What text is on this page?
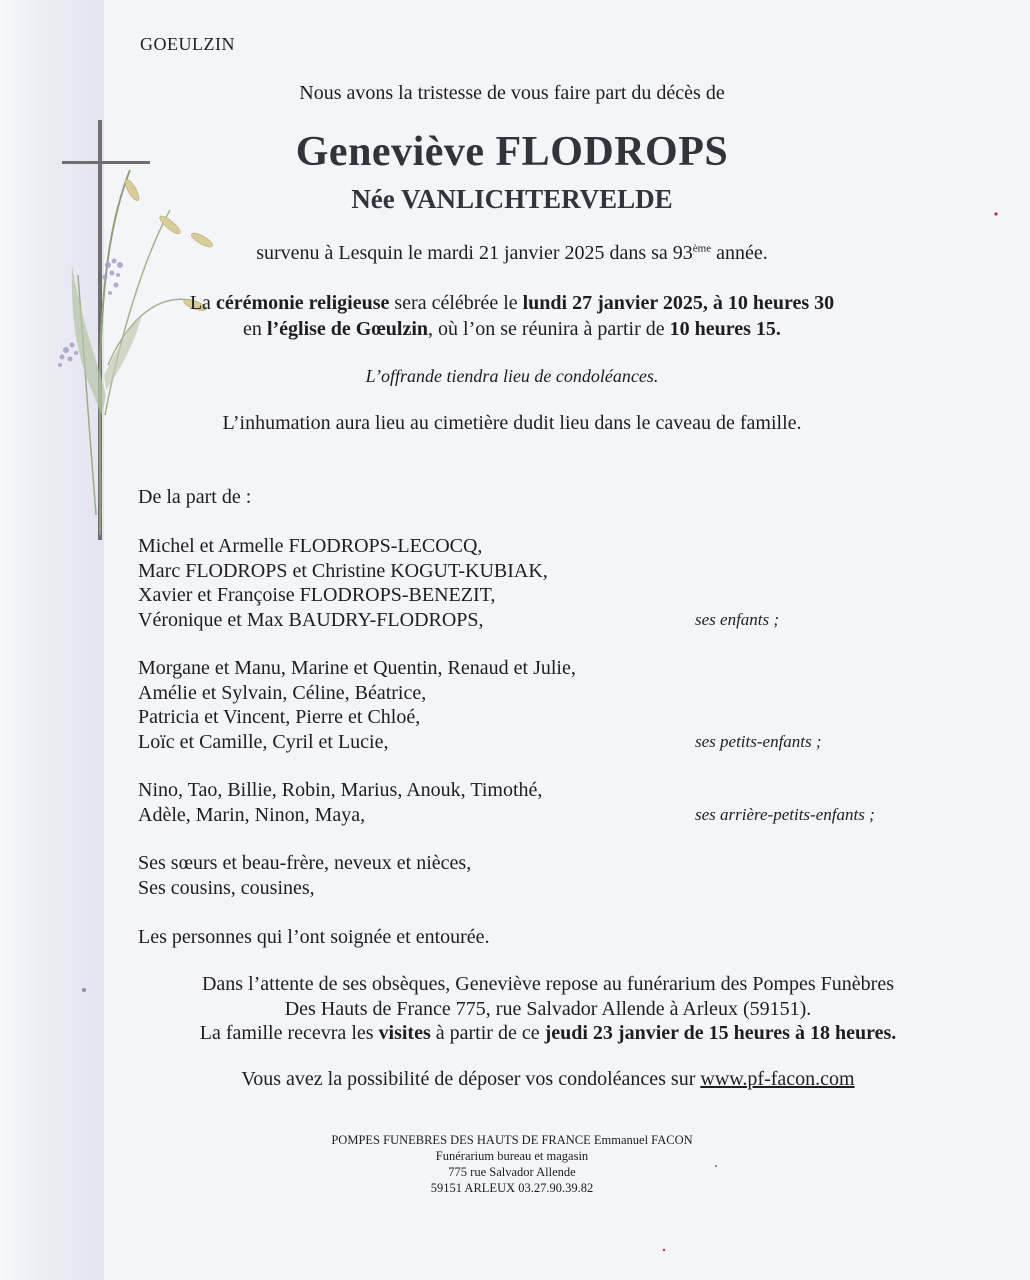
GOEULZIN
Nous avons la tristesse de vous faire part du décès de
Geneviève FLODROPS
Née VANLICHTERVELDE
survenu à Lesquin le mardi 21 janvier 2025 dans sa 93ème année.
La cérémonie religieuse sera célébrée le lundi 27 janvier 2025, à 10 heures 30
en l’église de Gœulzin, où l’on se réunira à partir de 10 heures 15.
L’offrande tiendra lieu de condoléances.
L’inhumation aura lieu au cimetière dudit lieu dans le caveau de famille.
De la part de :
Michel et Armelle FLODROPS-LECOCQ,
Marc FLODROPS et Christine KOGUT-KUBIAK,
Xavier et Françoise FLODROPS-BENEZIT,
Véronique et Max BAUDRY-FLODROPS,	ses enfants ;
Morgane et Manu, Marine et Quentin, Renaud et Julie,
Amélie et Sylvain, Céline, Béatrice,
Patricia et Vincent, Pierre et Chloé,
Loïc et Camille, Cyril et Lucie,	ses petits-enfants ;
Nino, Tao, Billie, Robin, Marius, Anouk, Timothé,
Adèle, Marin, Ninon, Maya,	ses arrière-petits-enfants ;
Ses sœurs et beau-frère, neveux et nièces,
Ses cousins, cousines,
Les personnes qui l’ont soignée et entourée.
Dans l’attente de ses obsèques, Geneviève repose au funérarium des Pompes Funèbres
Des Hauts de France 775, rue Salvador Allende à Arleux (59151).
La famille recevra les visites à partir de ce jeudi 23 janvier de 15 heures à 18 heures.
Vous avez la possibilité de déposer vos condoléances sur www.pf-facon.com
POMPES FUNEBRES DES HAUTS DE FRANCE Emmanuel FACON
Funérarium bureau et magasin
775 rue Salvador Allende
59151 ARLEUX 03.27.90.39.82
